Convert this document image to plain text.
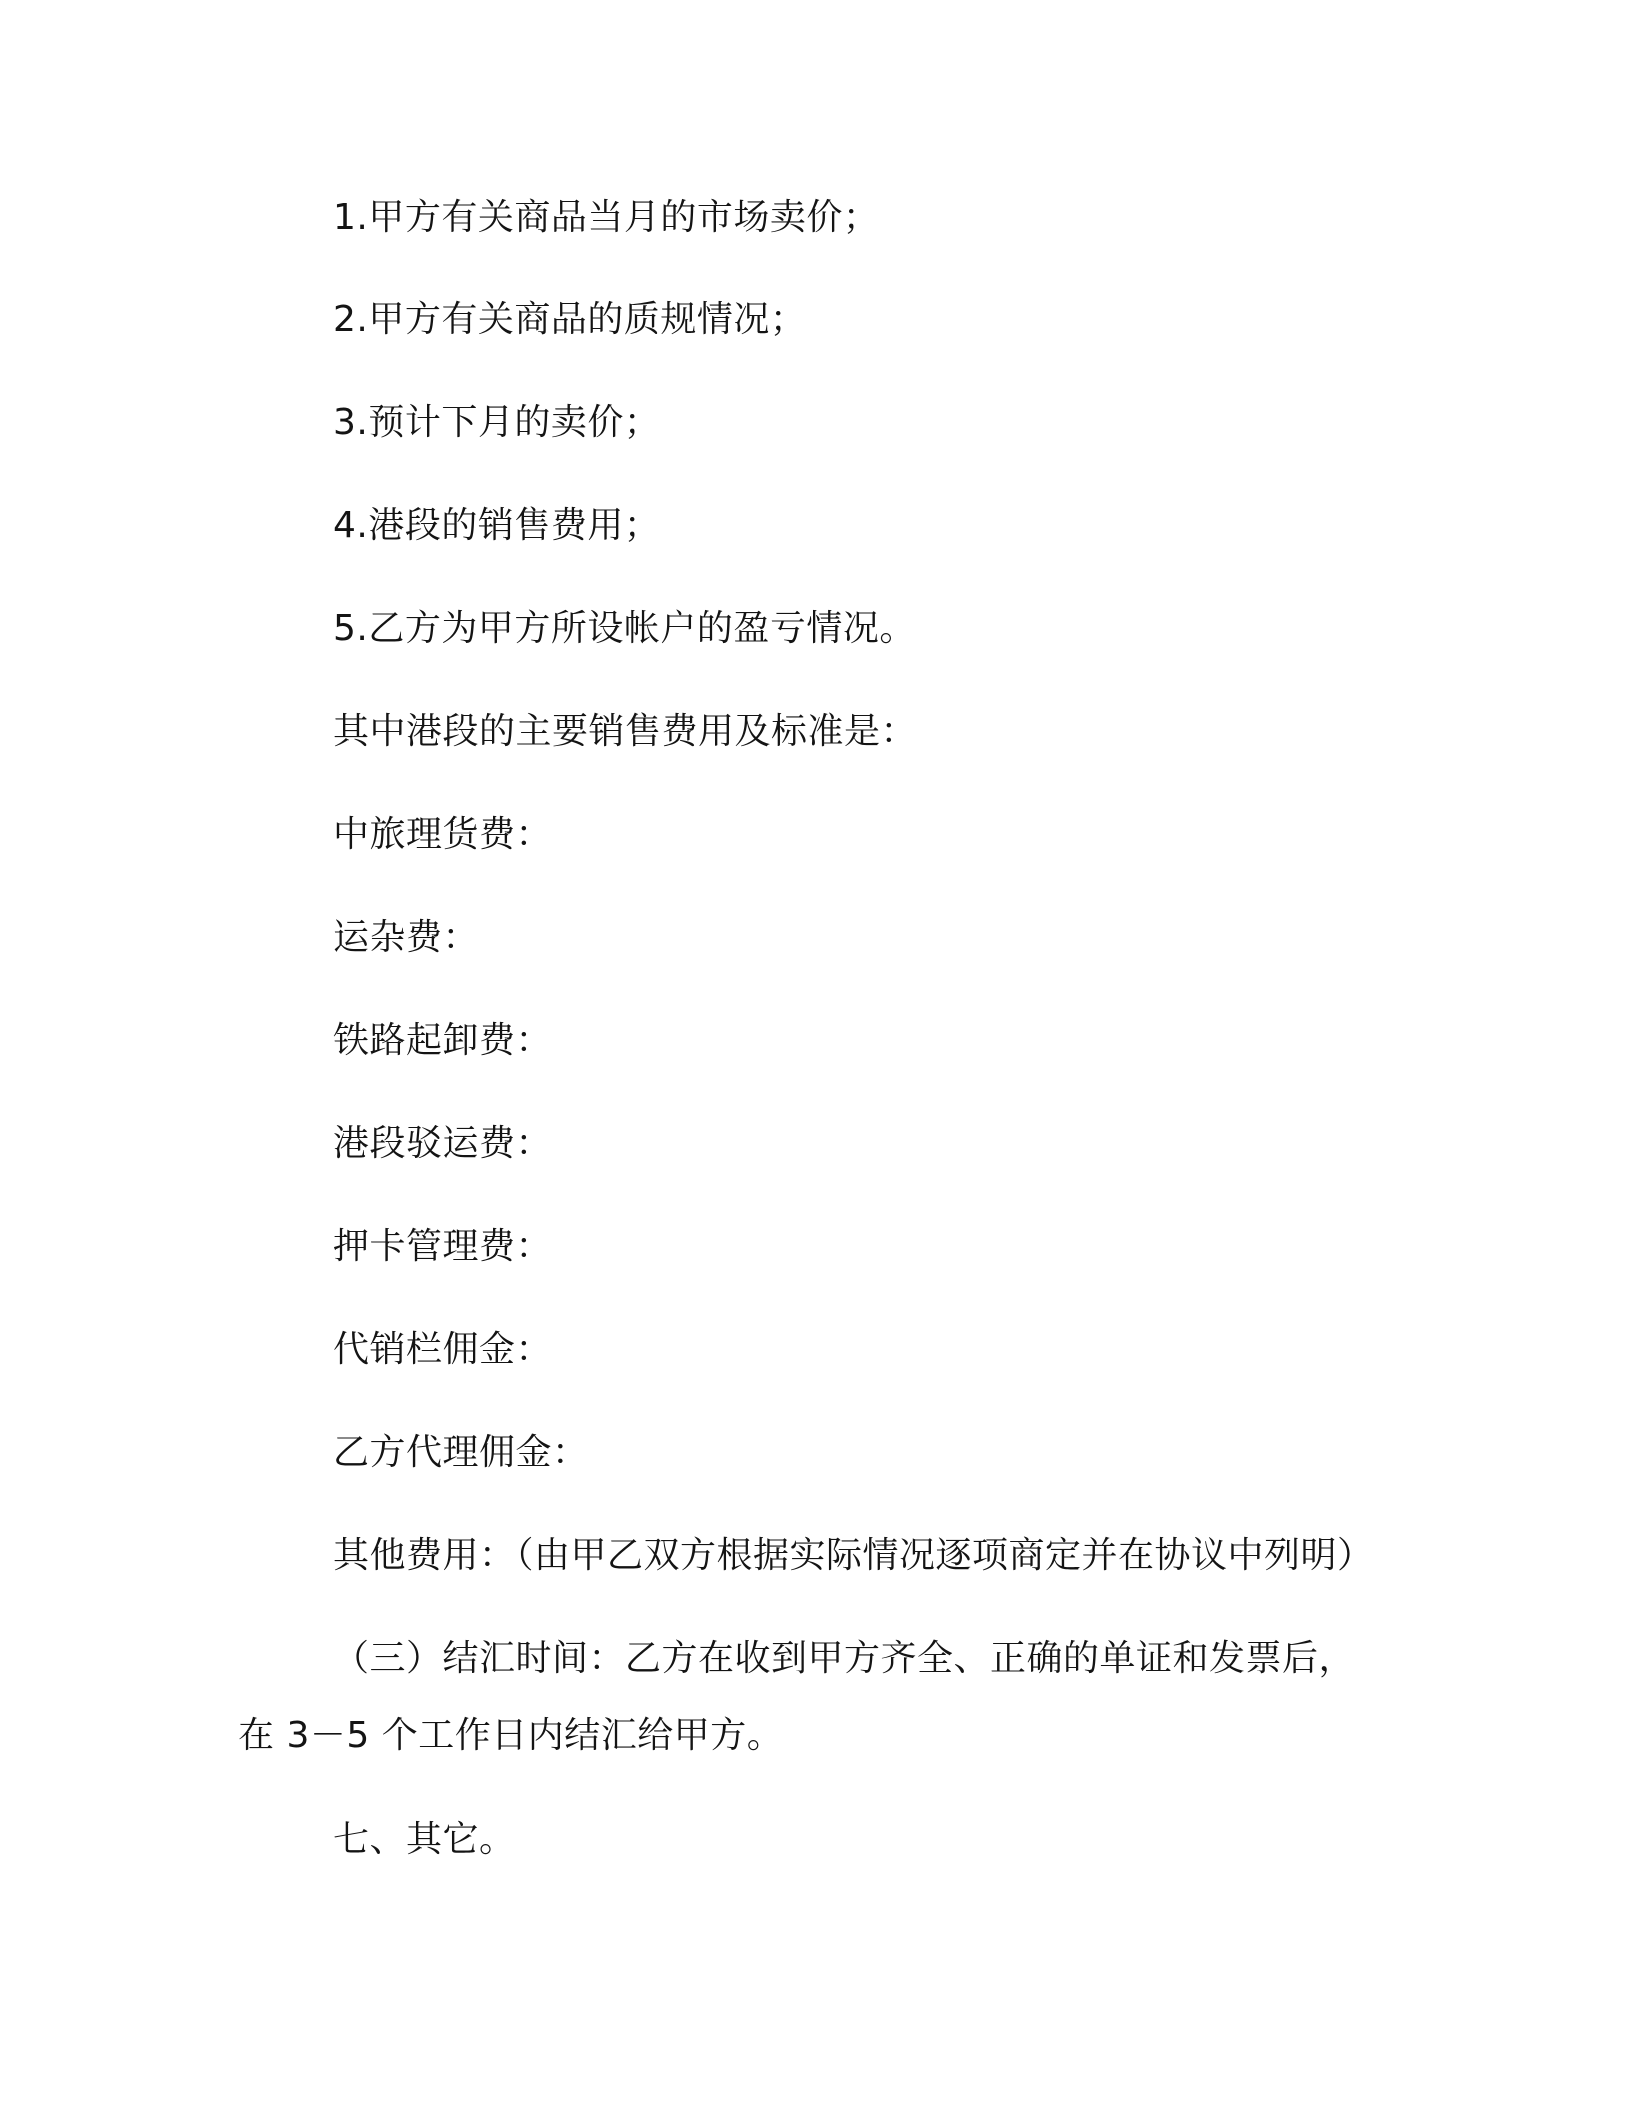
1.甲方有关商品当月的市场卖价；
2.甲方有关商品的质规情况；
3.预计下月的卖价；
4.港段的销售费用；
5.乙方为甲方所设帐户的盈亏情况。
其中港段的主要销售费用及标准是：
中旅理货费：
运杂费：
铁路起卸费：
港段驳运费：
押卡管理费：
代销栏佣金：
乙方代理佣金：
其他费用：（由甲乙双方根据实际情况逐项商定并在协议中列明）
（三）结汇时间：乙方在收到甲方齐全、正确的单证和发票后，
在 3－5 个工作日内结汇给甲方。
七、其它。
